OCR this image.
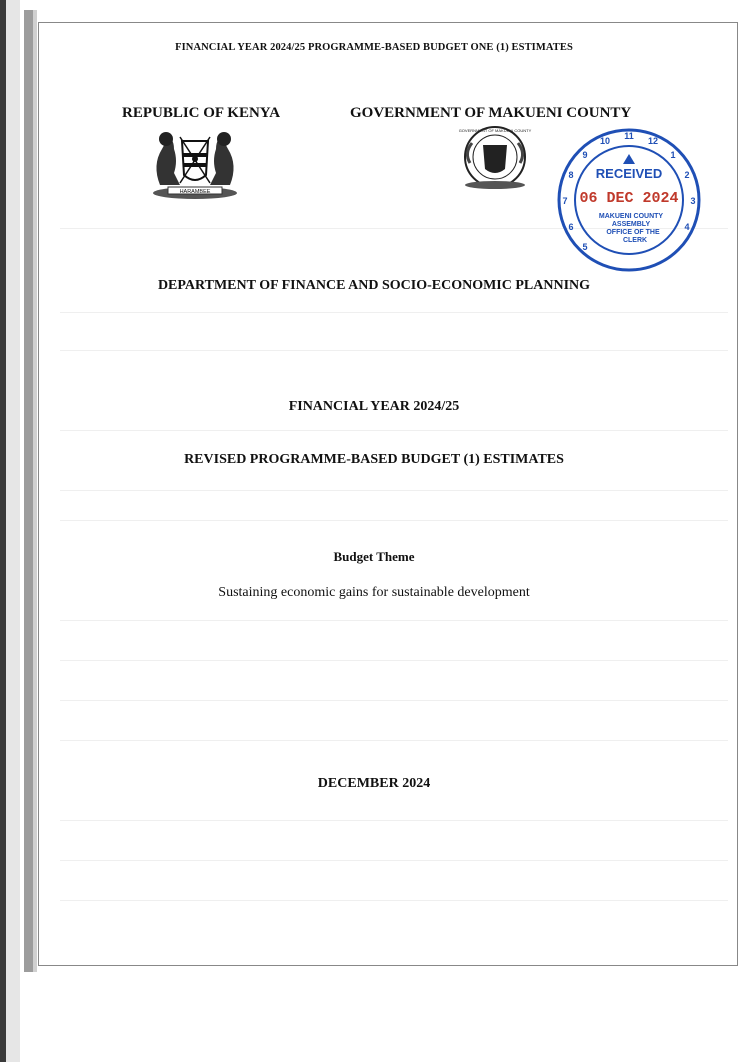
FINANCIAL YEAR 2024/25 PROGRAMME-BASED BUDGET ONE (1) ESTIMATES
REPUBLIC OF KENYA	GOVERNMENT OF MAKUENI COUNTY
HARAMBEE
GOVERNMENT OF MAKUENI COUNTY
11 12
1
2
3
4
10
9
8
7
6
5
RECEIVED
06 DEC 2024
MAKUENI COUNTY
ASSEMBLY
OFFICE OF THE
CLERK
DEPARTMENT OF FINANCE AND SOCIO-ECONOMIC PLANNING
FINANCIAL YEAR 2024/25
REVISED PROGRAMME-BASED BUDGET (1) ESTIMATES
Budget Theme
Sustaining economic gains for sustainable development
DECEMBER 2024
